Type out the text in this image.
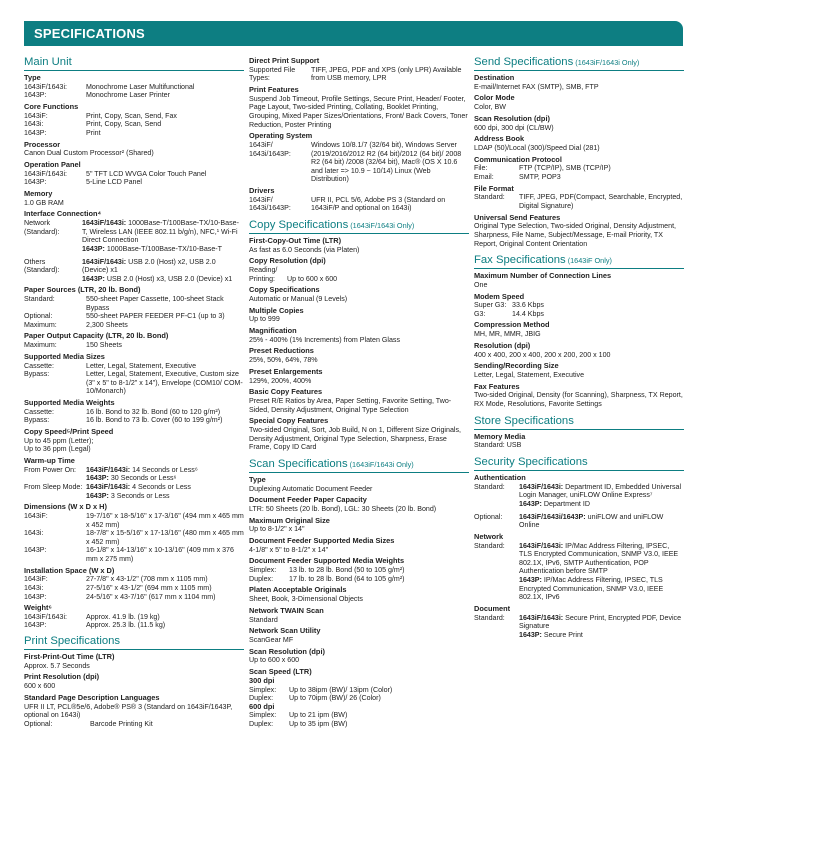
SPECIFICATIONS
Main Unit
Type
1643iF/1643i:	Monochrome Laser Multifunctional
1643P:	Monochrome Laser Printer
Core Functions
1643iF:	Print, Copy, Scan, Send, Fax
1643i:	Print, Copy, Scan, Send
1643P:	Print
Processor
Canon Dual Custom Processor² (Shared)
Operation Panel
1643iF/1643i:	5" TFT LCD WVGA Color Touch Panel
1643P:	5-Line LCD Panel
Memory
1.0 GB RAM
Interface Connection⁴
Network (Standard):
1643iF/1643i: 1000Base-T/100Base-TX/10-Base-T, Wireless LAN (IEEE 802.11 b/g/n), NFC,¹ Wi-Fi Direct Connection
1643P: 1000Base-T/100Base-TX/10-Base-T
Others (Standard):
1643iF/1643i: USB 2.0 (Host) x2, USB 2.0 (Device) x1
1643P: USB 2.0 (Host) x3, USB 2.0 (Device) x1
Paper Sources (LTR, 20 lb. Bond)
Standard:	550-sheet Paper Cassette, 100-sheet Stack Bypass
Optional:	550-sheet PAPER FEEDER PF-C1 (up to 3)
Maximum:	2,300 Sheets
Paper Output Capacity (LTR, 20 lb. Bond)
Maximum:	150 Sheets
Supported Media Sizes
Cassette:	Letter, Legal, Statement, Executive
Bypass:	Letter, Legal, Statement, Executive, Custom size (3" x 5" to 8-1/2" x 14"), Envelope (COM10/ COM-10/Monarch)
Supported Media Weights
Cassette:	16 lb. Bond to 32 lb. Bond (60 to 120 g/m²)
Bypass:	16 lb. Bond to 73 lb. Cover (60 to 199 g/m²)
Copy Speed⁵/Print Speed
Up to 45 ppm (Letter);
Up to 36 ppm (Legal)
Warm-up Time
From Power On:	1643iF/1643i: 14 Seconds or Less⁶
1643P: 30 Seconds or Less⁶
From Sleep Mode: 1643iF/1643i: 4 Seconds or Less
1643P: 3 Seconds or Less
Dimensions (W x D x H)
1643iF:	19-7/16" x 18-5/16" x 17-3/16" (494 mm x 465 mm x 452 mm)
1643i:	18-7/8" x 15-5/16" x 17-13/16" (480 mm x 465 mm x 452 mm)
1643P:	16-1/8" x 14-13/16" x 10-13/16" (409 mm x 376 mm x 275 mm)
Installation Space (W x D)
1643iF:	27-7/8" x 43-1/2" (708 mm x 1105 mm)
1643i:	27-5/16" x 43-1/2" (694 mm x 1105 mm)
1643P:	24-5/16" x 43-7/16" (617 mm x 1104 mm)
Weight⁶
1643iF/1643i:	Approx. 41.9 lb. (19 kg)
1643P:	Approx. 25.3 lb. (11.5 kg)
Print Specifications
First-Print-Out Time (LTR)
Approx. 5.7 Seconds
Print Resolution (dpi)
600 x 600
Standard Page Description Languages
UFR II LT, PCL®5e/6, Adobe® PS® 3 (Standard on 1643iF/1643P, optional on 1643i)
Optional:	Barcode Printing Kit
Direct Print Support
Supported File Types:
TIFF, JPEG, PDF and XPS (only LPR) Available from USB memory, LPR
Print Features
Suspend Job Timeout, Profile Settings, Secure Print, Header/ Footer, Page Layout, Two-sided Printing, Collating, Booklet Printing, Grouping, Mixed Paper Sizes/Orientations, Front/ Back Covers, Toner Reduction, Poster Printing
Operating System
1643iF/ 1643i/1643P:
Windows 10/8.1/7 (32/64 bit), Windows Server (2019/2016/2012 R2 (64 bit)/2012 (64 bit)/ 2008 R2 (64 bit) /2008 (32/64 bit), Mac® (OS X 10.6 and later => 10.9 ~ 10/14) Linux (Web Distribution)
Drivers
1643iF/ 1643i/1643P:
UFR II, PCL 5/6, Adobe PS 3 (Standard on 1643iF/P and optional on 1643i)
Copy Specifications (1643iF/1643i Only)
First-Copy-Out Time (LTR)
As fast as 6.0 Seconds (via Platen)
Copy Resolution (dpi)
Reading/
Printing:	Up to 600 x 600
Copy Specifications
Automatic or Manual (9 Levels)
Multiple Copies
Up to 999
Magnification
25% - 400% (1% Increments) from Platen Glass
Preset Reductions
25%, 50%, 64%, 78%
Preset Enlargements
129%, 200%, 400%
Basic Copy Features
Preset R/E Ratios by Area, Paper Setting, Favorite Setting, Two-Sided, Density Adjustment, Original Type Selection
Special Copy Features
Two-sided Original, Sort, Job Build, N on 1, Different Size Originals, Density Adjustment, Original Type Selection, Sharpness, Erase Frame, Copy ID Card
Scan Specifications (1643iF/1643i Only)
Type
Duplexing Automatic Document Feeder
Document Feeder Paper Capacity
LTR: 50 Sheets (20 lb. Bond), LGL: 30 Sheets (20 lb. Bond)
Maximum Original Size
Up to 8-1/2" x 14"
Document Feeder Supported Media Sizes
4-1/8" x 5" to 8-1/2" x 14"
Document Feeder Supported Media Weights
Simplex:	13 lb. to 28 lb. Bond (50 to 105 g/m²)
Duplex:	17 lb. to 28 lb. Bond (64 to 105 g/m²)
Platen Acceptable Originals
Sheet, Book, 3-Dimensional Objects
Network TWAIN Scan
Standard
Network Scan Utility
ScanGear MF
Scan Resolution (dpi)
Up to 600 x 600
Scan Speed (LTR)
300 dpi
Simplex:	Up to 38ipm (BW)/ 13ipm (Color)
Duplex:	Up to 70ipm (BW)/ 26 (Color)
600 dpi
Simplex:	Up to 21 ipm (BW)
Duplex:	Up to 35 ipm (BW)
Send Specifications (1643iF/1643i Only)
Destination
E-mail/Internet FAX (SMTP), SMB, FTP
Color Mode
Color, BW
Scan Resolution (dpi)
600 dpi, 300 dpi (CL/BW)
Address Book
LDAP (50)/Local (300)/Speed Dial (281)
Communication Protocol
File:	FTP (TCP/IP), SMB (TCP/IP)
Email:	SMTP, POP3
File Format
Standard:	TIFF, JPEG, PDF(Compact, Searchable, Encrypted, Digital Signature)
Universal Send Features
Original Type Selection, Two-sided Original, Density Adjustment, Sharpness, File Name, Subject/Message, E-mail Priority, TX Report, Original Content Orientation
Fax Specifications (1643iF Only)
Maximum Number of Connection Lines
One
Modem Speed
Super G3: 33.6 Kbps
G3:	14.4 Kbps
Compression Method
MH, MR, MMR, JBIG
Resolution (dpi)
400 x 400, 200 x 400, 200 x 200, 200 x 100
Sending/Recording Size
Letter, Legal, Statement, Executive
Fax Features
Two-sided Original, Density (for Scanning), Sharpness, TX Report, RX Mode, Resolutions, Favorite Settings
Store Specifications
Memory Media
Standard: USB
Security Specifications
Authentication
Standard:	1643iF/1643i: Department ID, Embedded Universal Login Manager, uniFLOW Online Express⁷
1643P: Department ID
Optional:	1643iF/1643i/1643P: uniFLOW and uniFLOW Online
Network
Standard:	1643iF/1643i: IP/Mac Address Filtering, IPSEC, TLS Encrypted Communication, SNMP V3.0, IEEE 802.1X, IPv6, SMTP Authentication, POP Authentication before SMTP
1643P: IP/Mac Address Filtering, IPSEC, TLS Encrypted Communication, SNMP V3.0, IEEE 802.1X, IPv6
Document
Standard:	1643iF/1643i: Secure Print, Encrypted PDF, Device Signature
1643P: Secure Print
